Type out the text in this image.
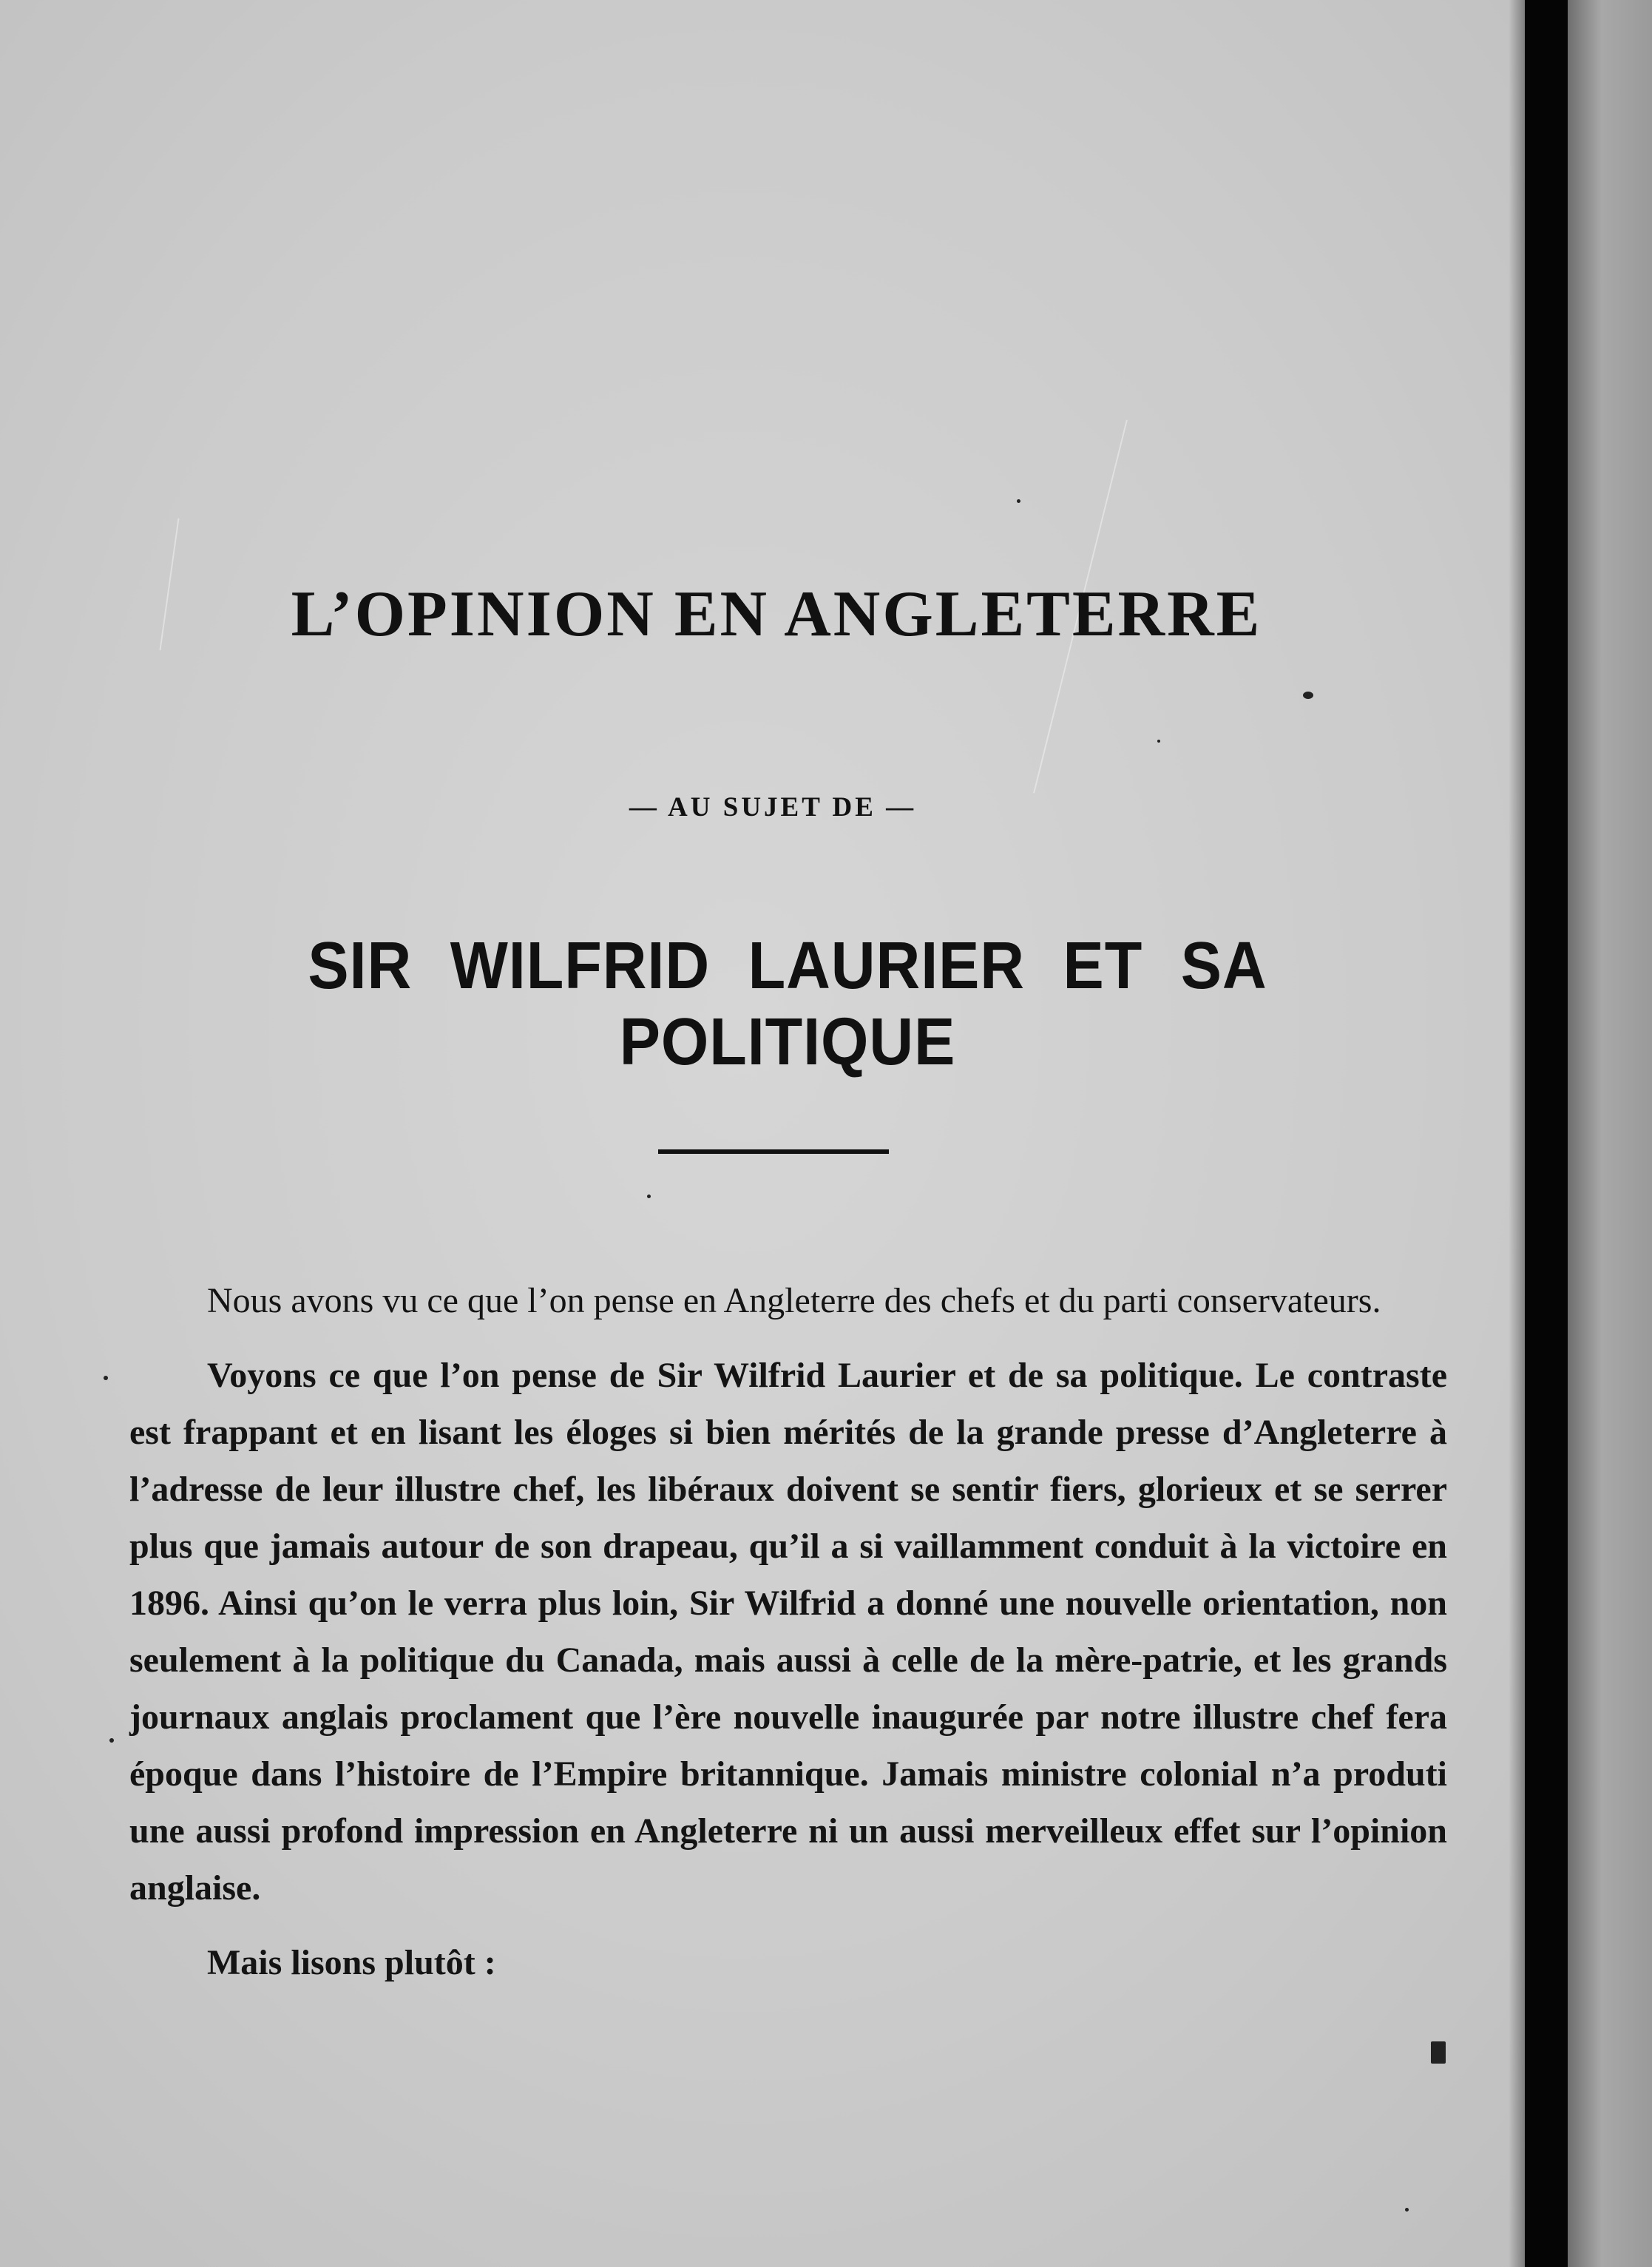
L’OPINION EN ANGLETERRE
— AU SUJET DE —
SIR WILFRID LAURIER ET SA POLITIQUE

Nous avons vu ce que l’on pense en Angleterre des chefs et du parti conservateurs.

Voyons ce que l’on pense de Sir Wilfrid Laurier et de sa politique. Le contraste est frappant et en lisant les éloges si bien mérités de la grande presse d’Angleterre à l’adresse de leur illustre chef, les libéraux doivent se sentir fiers, glorieux et se serrer plus que jamais autour de son drapeau, qu’il a si vaillamment conduit à la victoire en 1896. Ainsi qu’on le verra plus loin, Sir Wilfrid a donné une nouvelle orientation, non seulement à la politique du Canada, mais aussi à celle de la mère-patrie, et les grands journaux anglais proclament que l’ère nouvelle inaugurée par notre illustre chef fera époque dans l’histoire de l’Empire britannique. Jamais ministre colonial n’a produti une aussi profond impression en Angleterre ni un aussi merveilleux effet sur l’opinion anglaise.

Mais lisons plutôt :
